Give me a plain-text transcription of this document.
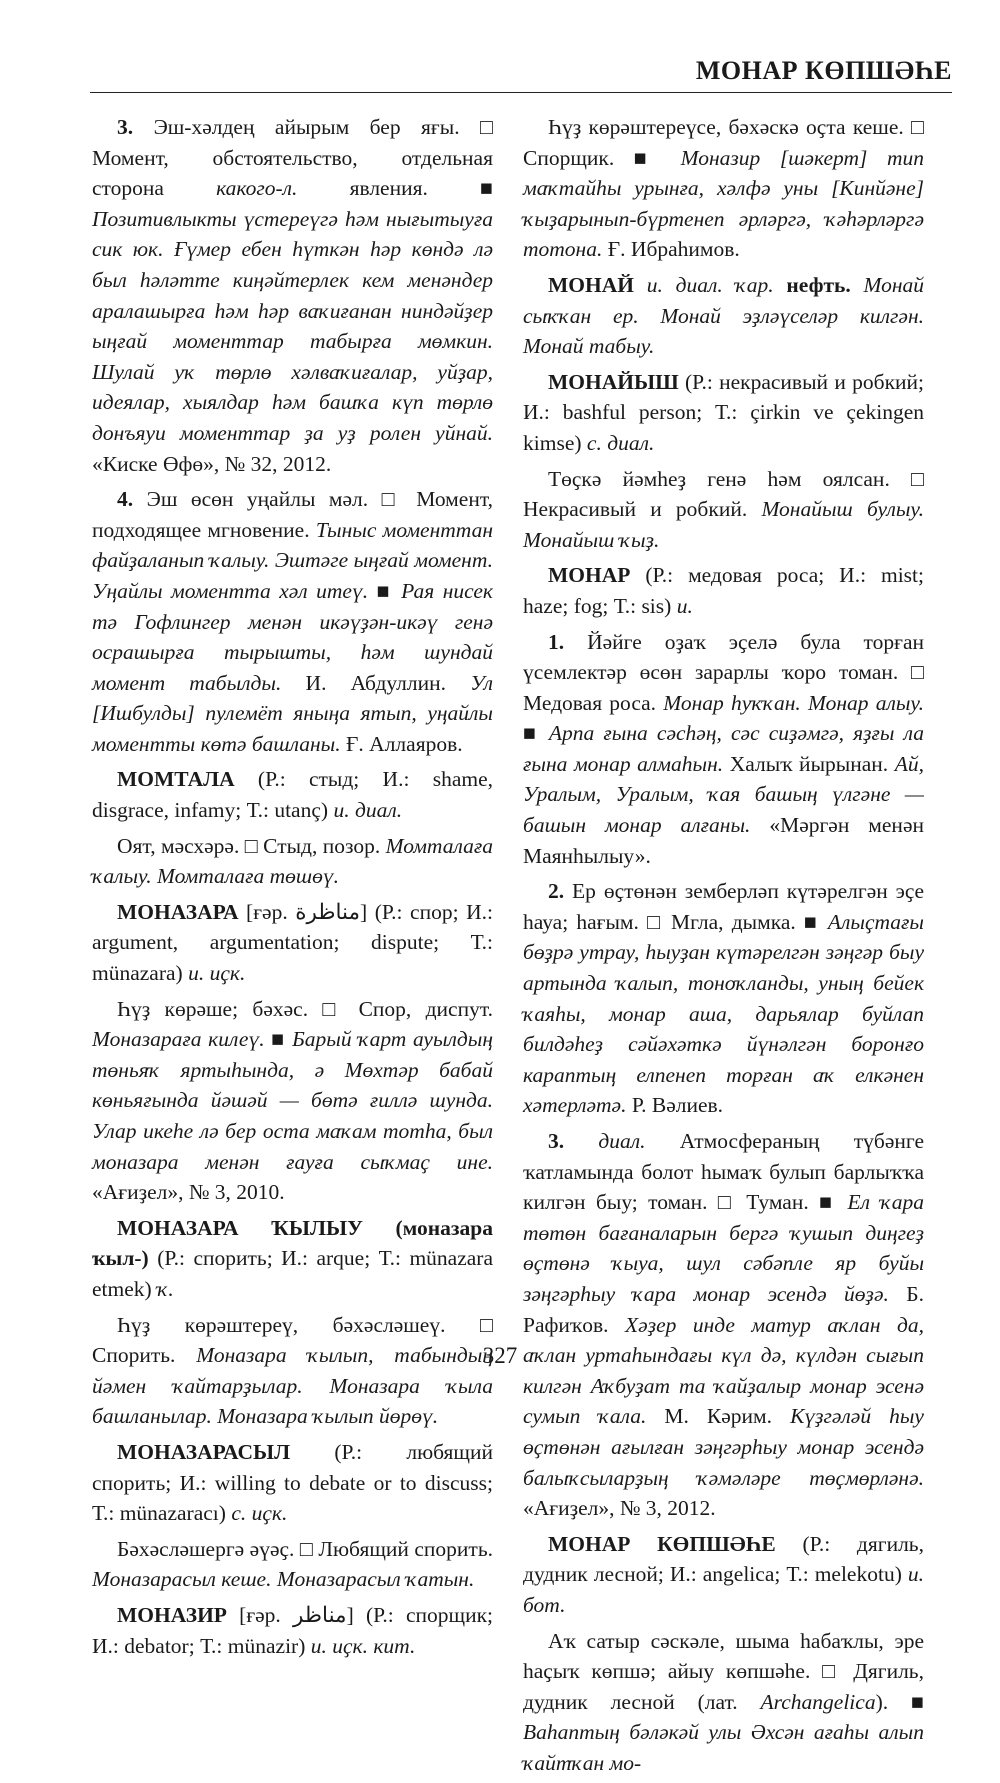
МОНАР КӨПШӘҺЕ

3. Эш-хәлдең айырым бер яғы. □ Момент, обстоятельство, отдельная сторона какого-л. явления. ■ Позитивлыкты үстереүгә һәм нығытыуға сик юк. Ғүмер ебен һүткән һәр көндә лә был һәләтте киңәйтерлек кем менәндер аралашырға һәм һәр ваҡиғанан ниндәйҙер ыңғай моменттар табырға мөмкин. Шулай уҡ төрлө хәлваҡиғалар, уйҙар, идеялар, хыялдар һәм башҡа күп төрлө донъяуи моменттар ҙа уҙ ролен уйнай. «Киске Өфө», № 32, 2012.

4. Эш өсөн уңайлы мәл. □ Момент, подходящее мгновение. Тыныс моменттан файҙаланып ҡалыу. Эштәге ыңғай момент. Уңайлы моментта хәл итеү. ■ Рая нисек тә Гофлингер менән икәүҙән-икәү генә осрашырға тырышты, һәм шундай момент табылды. И. Абдуллин. Ул [Ишбулды] пулемёт яныңа ятып, уңайлы моментты көтә башланы. Ғ. Аллаяров.

МОМТАЛА (Р.: стыд; И.: shame, disgrace, infamy; Т.: utanç) и. диал.

Оят, мәсхәрә. □ Стыд, позор. Момталаға ҡалыу. Момталаға төшөү.

МОНАЗАРА [ғәр. مناظرة] (Р.: спор; И.: argument, argumentation; dispute; Т.: münazara) и. иҫк.

Һүҙ көрәше; бәхәс. □ Спор, диспут. Моназараға килеү. ■ Барый ҡарт ауылдың төньяҡ яртыһында, ә Мөхтәр бабай көньяғында йәшәй — бөтә ғиллә шунда. Улар икеһе лә бер оста маҡам тотһа, был моназара менән ғауға сыҡмаҫ ине. «Ағиҙел», № 3, 2010.

МОНАЗАРА ҠЫЛЫУ (моназара ҡыл-) (Р.: спорить; И.: arque; Т.: münazara etmek) ҡ.

Һүҙ көрәштереү, бәхәсләшеү. □ Спорить. Моназара ҡылып, табындың йәмен ҡайтарҙылар. Моназара ҡыла башланылар. Моназара ҡылып йөрөү.

МОНАЗАРАСЫЛ (Р.: любящий спорить; И.: willing to debate or to discuss; Т.: münazaracı) с. иҫк.

Бәхәсләшергә әүәҫ. □ Любящий спорить. Моназарасыл кеше. Моназарасыл ҡатын.

МОНАЗИР [ғәр. مناظر] (Р.: спорщик; И.: debator; Т.: münazir) и. иҫк. кит.

Һүҙ көрәштереүсе, бәхәскә оҫта кеше. □ Спорщик. ■ Моназир [шәкерт] тип маҡтайһы урынға, хәлфә уны [Кинйәне] ҡыҙарынып-бүртенеп әрләргә, ҡәһәрләргә тотона. Ғ. Ибраһимов.

МОНАЙ и. диал. ҡар. нефть. Монай сыҡҡан ер. Монай эҙләүселәр килгән. Монай табыу.

МОНАЙЫШ (Р.: некрасивый и робкий; И.: bashful person; Т.: çirkin ve çekingen kimse) с. диал.

Төҫкә йәмһеҙ генә һәм оялсан. □ Некрасивый и робкий. Монайыш булыу. Монайыш ҡыҙ.

МОНАР (Р.: медовая роса; И.: mist; haze; fog; Т.: sis) и.

1. Йәйге оҙаҡ эҫелә була торған үсемлектәр өсөн зарарлы ҡоро томан. □ Медовая роса. Монар һуҡҡан. Монар алыу. ■ Арпа ғына сәсһәң, сәс сиҙәмгә, яҙғы ла ғына монар алмаһын. Халыҡ йырынан. Ай, Уралым, Уралым, ҡая башың үлгәне — башын монар алғаны. «Мәргән менән Маянһылыу».

2. Ер өҫтөнән земберләп күтәрелгән эҫе һауа; һағым. □ Мгла, дымка. ■ Алыҫтағы бөҙрә утрау, һыуҙан күтәрелгән зәңгәр быу артында ҡалып, тоноҡланды, уның бейек ҡаяһы, монар аша, дарьялар буйлап билдәһеҙ сәйәхәткә йүнәлгән боронғо караптың елпенеп торған аҡ елкәнен хәтерләтә. Р. Вәлиев.

3. диал. Атмосфераның түбәнге ҡатламында болот һымаҡ булып барлыҡҡа килгән быу; томан. □ Туман. ■ Ел ҡара төтөн бағаналарын бергә ҡушып диңгеҙ өҫтөнә ҡыуа, шул сәбәпле яр буйы зәңгәрһыу ҡара монар эсендә йөҙә. Б. Рафиҡов. Хәҙер инде матур аҡлан да, аҡлан уртаһындағы күл дә, күлдән сығып килгән Аҡбуҙат та ҡайҙалыр монар эсенә сумып ҡала. М. Кәрим. Күҙгәләй һыу өҫтөнән ағылған зәңгәрһыу монар эсендә балыҡсыларҙың ҡәмәләре төҫмөрләнә. «Ағиҙел», № 3, 2012.

МОНАР КӨПШӘҺЕ (Р.: дягиль, дудник лесной; И.: angelica; Т.: melekotu) и. бот.

Аҡ сатыр сәскәле, шыма һабаҡлы, эре һаҫыҡ көпшә; айыу көпшәһе. □ Дягиль, дудник лесной (лат. Archangelica). ■ Ваһаптың бәләкәй улы Әхсән ағаһы алып ҡайтҡан мо-

327
